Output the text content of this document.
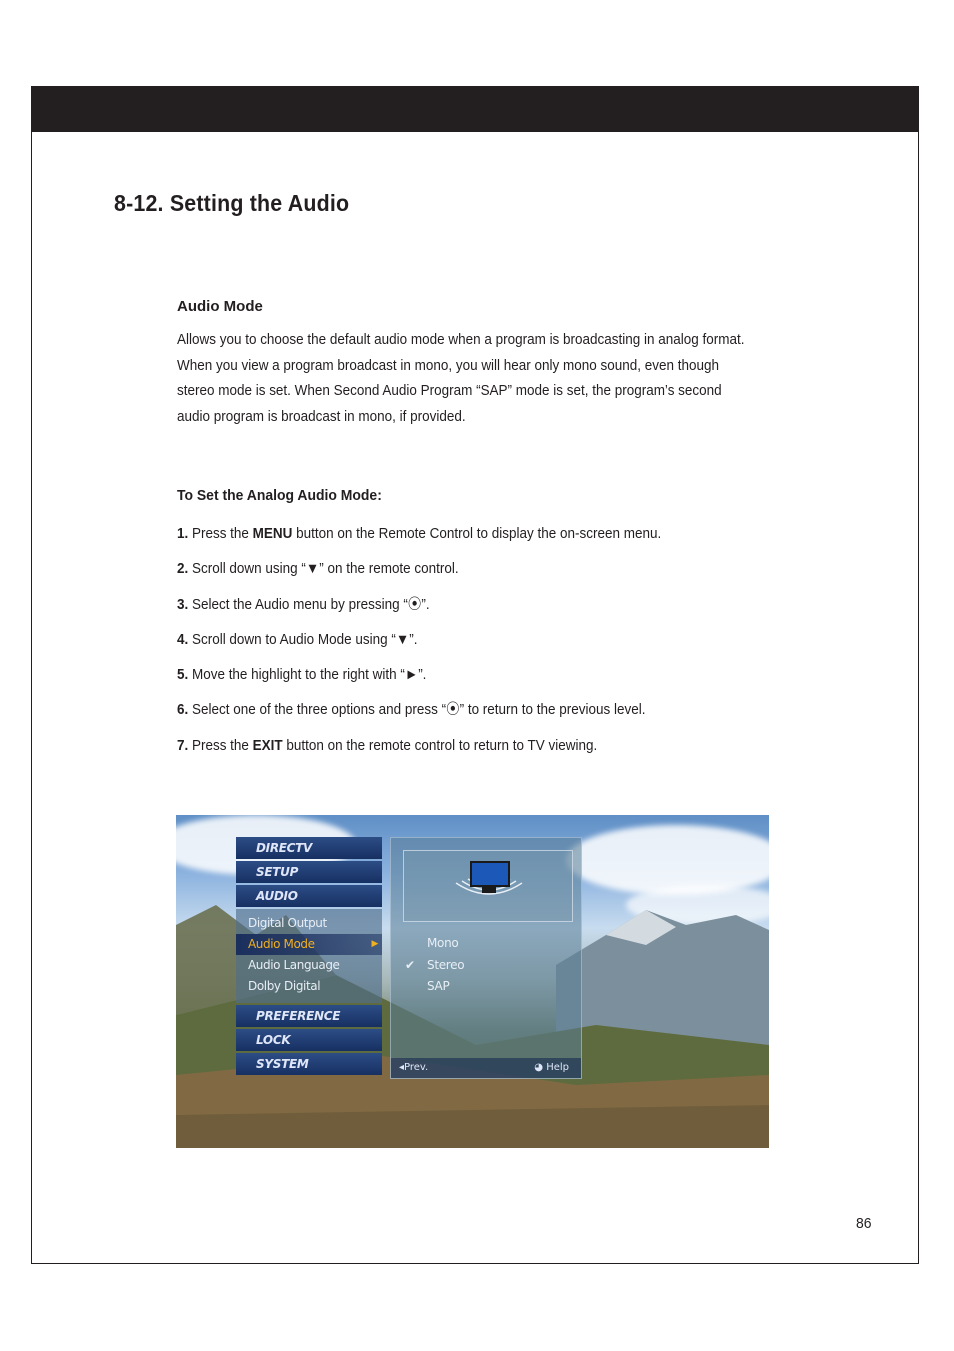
8-12. Setting the Audio
Audio Mode

Allows you to choose the default audio mode when a program is broadcasting in analog format.

When you view a program broadcast in mono, you will hear only mono sound, even though stereo mode is set. When Second Audio Program “SAP” mode is set, the program’s second audio program is broadcast in mono, if provided.

To Set the Analog Audio Mode:
1. Press the MENU button on the Remote Control to display the on-screen menu.
2. Scroll down using “▼” on the remote control.
3. Select the Audio menu by pressing “⦿”.
4. Scroll down to Audio Mode using “▼”.
5. Move the highlight to the right with “►”.
6. Select one of the three options and press “⦿” to return to the previous level.
7. Press the EXIT button on the remote control to return to TV viewing.
DIRECTV
SETUP
AUDIO
Digital Output
Audio Mode	▶
Audio Language
Dolby Digital
PREFERENCE
LOCK
SYSTEM
Mono
✔ Stereo
SAP
◂Prev.	◕ Help
86
